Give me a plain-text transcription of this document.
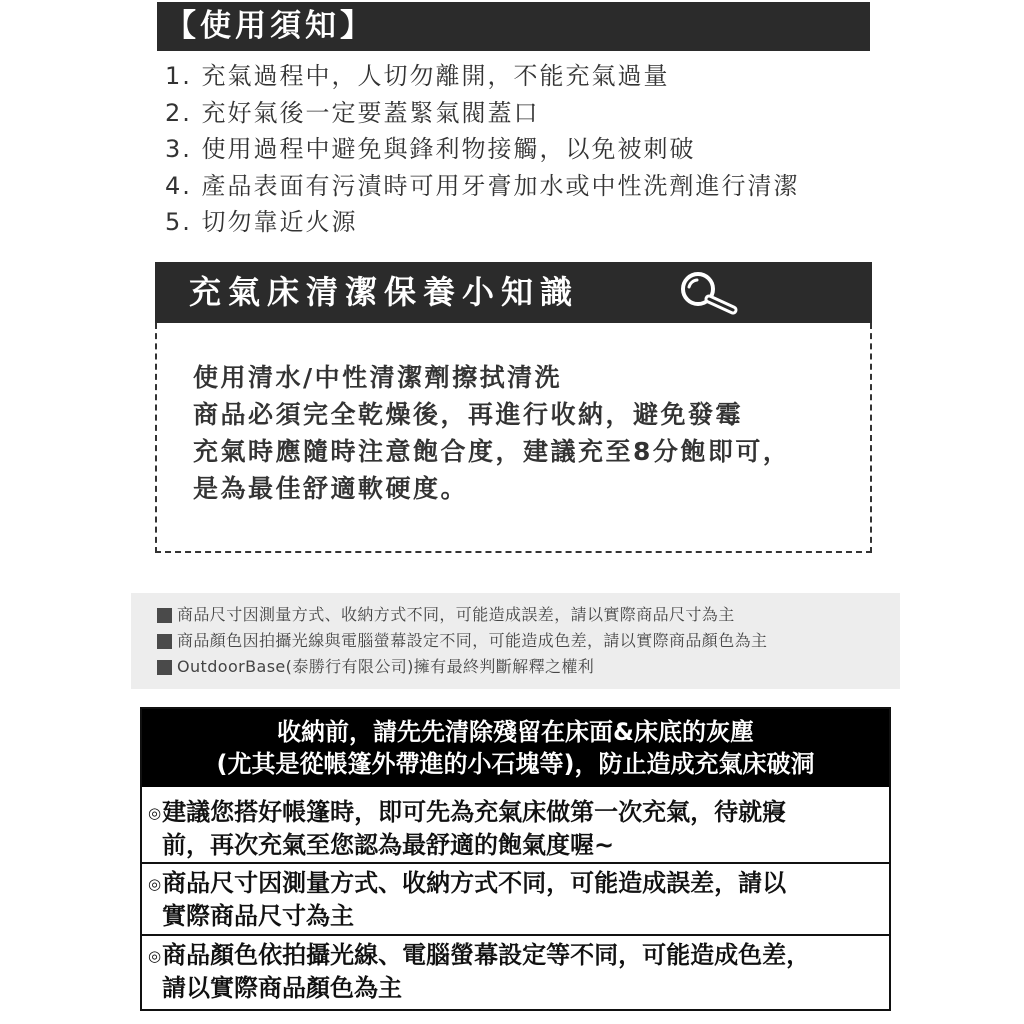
【使用須知】
1. 充氣過程中，人切勿離開，不能充氣過量
2. 充好氣後一定要蓋緊氣閥蓋口
3. 使用過程中避免與鋒利物接觸，以免被刺破
4. 產品表面有污漬時可用牙膏加水或中性洗劑進行清潔
5. 切勿靠近火源
充氣床清潔保養小知識
使用清水/中性清潔劑擦拭清洗
商品必須完全乾燥後，再進行收納，避免發霉
充氣時應隨時注意飽合度，建議充至8分飽即可，
是為最佳舒適軟硬度。
商品尺寸因測量方式、收納方式不同，可能造成誤差，請以實際商品尺寸為主
商品顏色因拍攝光線與電腦螢幕設定不同，可能造成色差，請以實際商品顏色為主
OutdoorBase(泰勝行有限公司)擁有最終判斷解釋之權利
收納前，請先先清除殘留在床面&床底的灰塵
(尤其是從帳篷外帶進的小石塊等)，防止造成充氣床破洞
◎建議您搭好帳篷時，即可先為充氣床做第一次充氣，待就寢
前，再次充氣至您認為最舒適的飽氣度喔~
◎商品尺寸因測量方式、收納方式不同，可能造成誤差，請以
實際商品尺寸為主
◎商品顏色依拍攝光線、電腦螢幕設定等不同，可能造成色差，
請以實際商品顏色為主
